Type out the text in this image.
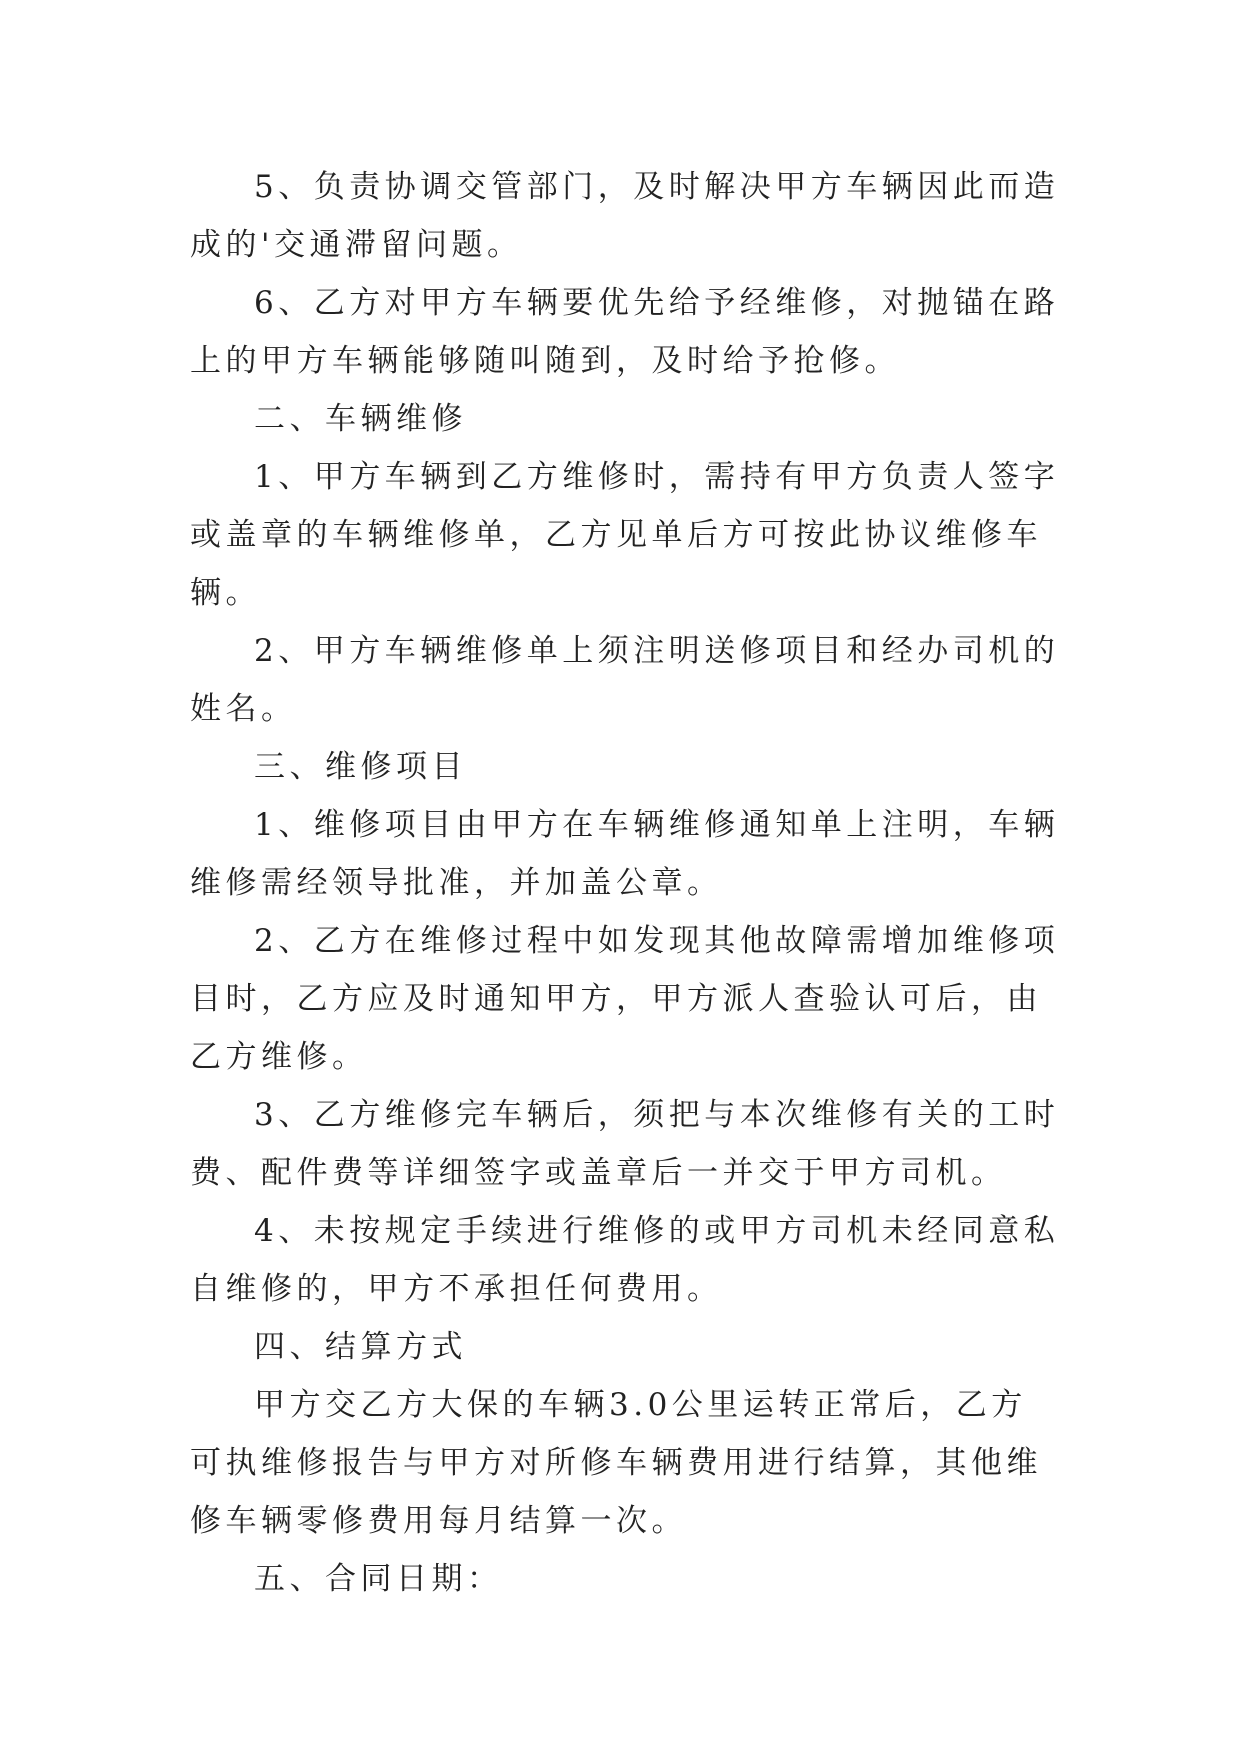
5、负责协调交管部门，及时解决甲方车辆因此而造成的'交通滞留问题。

6、乙方对甲方车辆要优先给予经维修，对抛锚在路上的甲方车辆能够随叫随到，及时给予抢修。

二、车辆维修

1、甲方车辆到乙方维修时，需持有甲方负责人签字或盖章的车辆维修单，乙方见单后方可按此协议维修车辆。

2、甲方车辆维修单上须注明送修项目和经办司机的姓名。

三、维修项目

1、维修项目由甲方在车辆维修通知单上注明，车辆维修需经领导批准，并加盖公章。

2、乙方在维修过程中如发现其他故障需增加维修项目时，乙方应及时通知甲方，甲方派人查验认可后，由乙方维修。

3、乙方维修完车辆后，须把与本次维修有关的工时费、配件费等详细签字或盖章后一并交于甲方司机。

4、未按规定手续进行维修的或甲方司机未经同意私自维修的，甲方不承担任何费用。

四、结算方式

甲方交乙方大保的车辆3.0公里运转正常后，乙方可执维修报告与甲方对所修车辆费用进行结算，其他维修车辆零修费用每月结算一次。

五、合同日期：
